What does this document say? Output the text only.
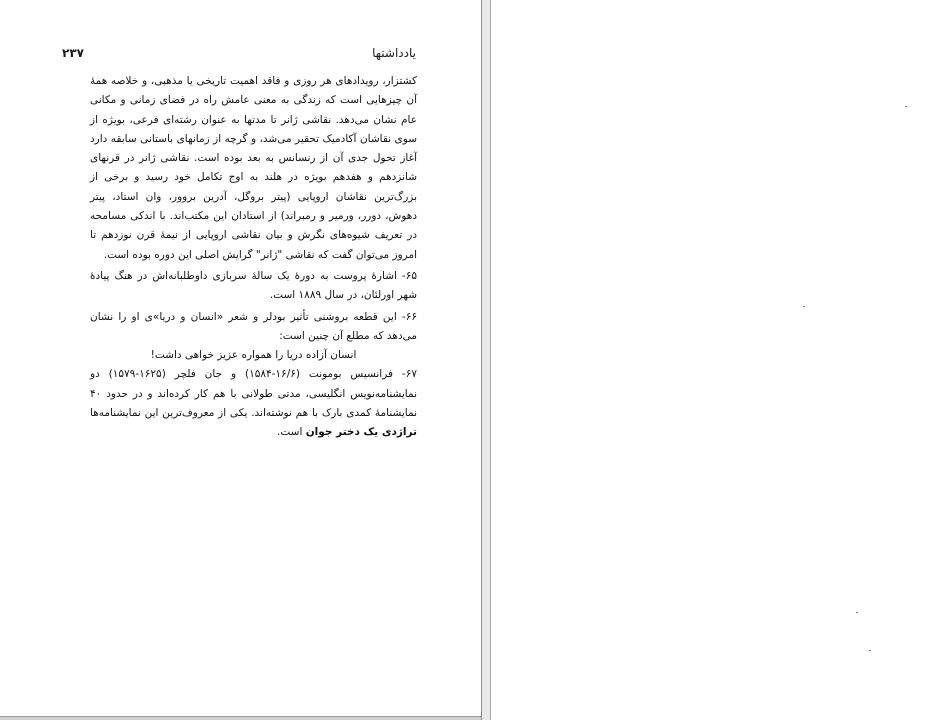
یادداشتها
۲۳۷

کشتزار، رویدادهای هر روزی و فاقد اهمیت تاریخی یا مذهبی، و خلاصه همهٔ آن چیزهایی است که زندگی به معنی عامش راه در فضای زمانی و مکانی عام نشان می‌دهد. نقاشی ژانر تا مدتها به عنوان رشته‌ای فرعی، بویژه از سوی نقاشان آکادمیک تحقیر می‌شد، و گرچه از زمانهای باستانی سابقه دارد آغاز تحول جدی آن از رنسانس به بعد بوده است. نقاشی ژانر در قرنهای شانزدهم و هفدهم بویژه در هلند به اوج تکامل خود رسید و برخی از بزرگ‌ترین نقاشان اروپایی (پیتر بروگل، آدرین بروور، وان استاد، پیتر دهوش، دورر، ورمیر و رمبراند) از استادان این مکتب‌اند. با اندکی مسامحه در تعریف شیوه‌های نگرش و بیان نقاشی اروپایی از نیمهٔ قرن نوزدهم تا امروز می‌توان گفت که نقاشی "ژانر" گرایش اصلی این دوره بوده است.

۶۵- اشارهٔ پروست به دورهٔ یک سالهٔ سربازی داوطلبانه‌اش در هنگ پیادهٔ شهر اورلئان، در سال ۱۸۸۹ است.

۶۶- این قطعه بروشنی تأثیر بودلر و شعر «انسان و دریا»ی او را نشان می‌دهد که مطلع آن چنین است:

انسان آزاده دریا را همواره عزیز خواهی داشت!

۶۷- فرانسیس بومونت (۱۶/۶-۱۵۸۴) و جان فلچر (۱۶۲۵-۱۵۷۹) دو نمایشنامه‌نویس انگلیسی، مدتی طولانی با هم کار کرده‌اند و در حدود ۴۰ نمایشنامهٔ کمدی بارک با هم نوشته‌اند. یکی از معروف‌ترین این نمایشنامه‌ها تراژدی یک دختر جوان است.
